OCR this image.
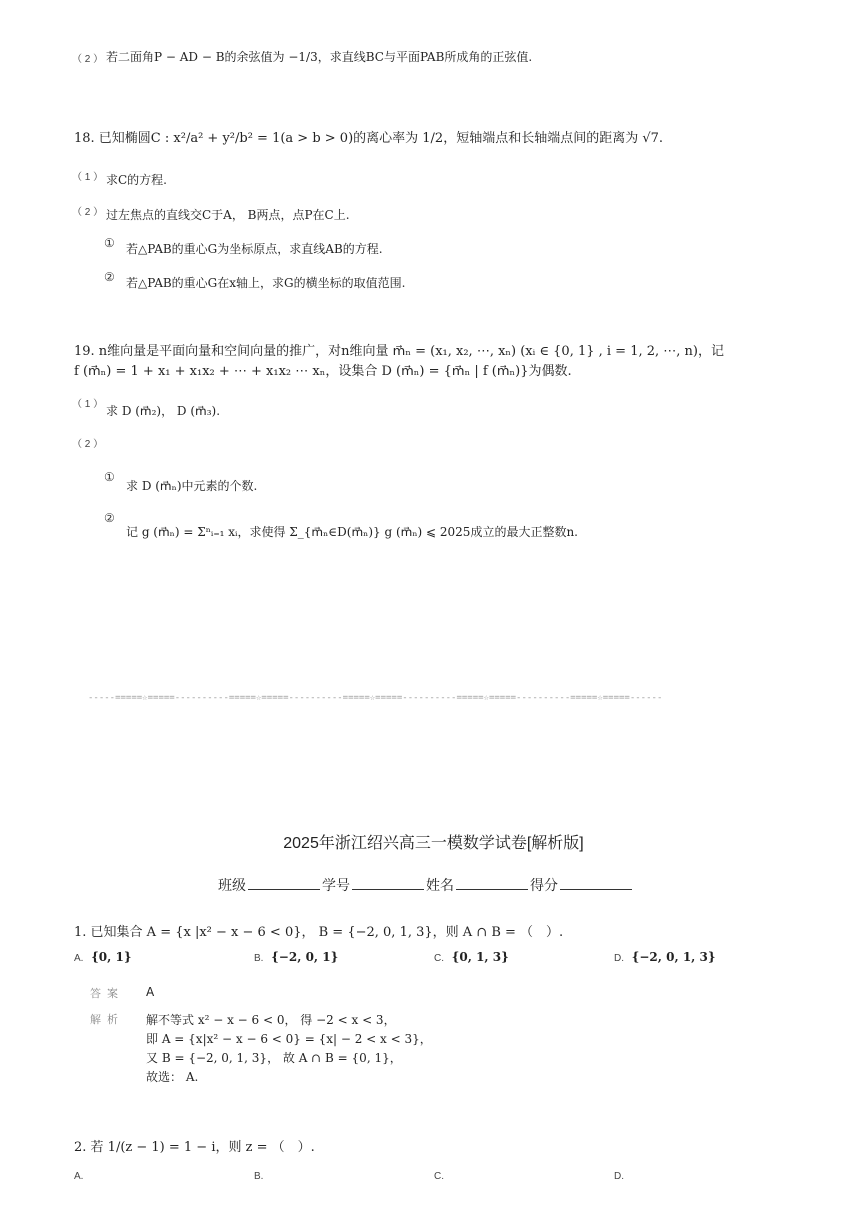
（ 2 ） 若二面角P − AD − B的余弦值为 −1/3，求直线BC与平面PAB所成角的正弦值.
18. 已知椭圆C : x²/a² + y²/b² = 1(a > b > 0)的离心率为 1/2，短轴端点和长轴端点间的距离为 √7.
（ 1 ） 求C的方程.
（ 2 ） 过左焦点的直线交C于A， B两点，点P在C上.
① 若△PAB的重心G为坐标原点，求直线AB的方程.
② 若△PAB的重心G在x轴上，求G的横坐标的取值范围.
19. n维向量是平面向量和空间向量的推广，对n维向量 m⃗ₙ = (x₁, x₂, ⋯, xₙ) (xᵢ ∈ {0, 1} , i = 1, 2, ⋯, n)，记
f (m⃗ₙ) = 1 + x₁ + x₁x₂ + ⋯ + x₁x₂ ⋯ xₙ，设集合 D (m⃗ₙ) = {m⃗ₙ | f (m⃗ₙ)}为偶数.
（ 1 ） 求 D (m⃗₂)， D (m⃗₃).
（ 2 ）
①
求 D (m⃗ₙ)中元素的个数.
②
记 g (m⃗ₙ) = Σⁿᵢ₌₁ xᵢ，求使得 Σ_{m⃗ₙ∈D(m⃗ₙ)} g (m⃗ₙ) ⩽ 2025成立的最大正整数n.
-----=====☆=====----------=====☆=====----------=====☆=====----------=====☆=====----------=====☆=====------
2025年浙江绍兴高三一模数学试卷[解析版]
班级	学号	姓名	得分
1. 已知集合 A = {x |x² − x − 6 < 0}， B = {−2, 0, 1, 3}，则 A ∩ B = （　）.
A. {0, 1}	B. {−2, 0, 1}	C. {0, 1, 3}	D. {−2, 0, 1, 3}
答案 A
解析 解不等式 x² − x − 6 < 0， 得 −2 < x < 3，
即 A = {x|x² − x − 6 < 0} = {x| − 2 < x < 3}，
又 B = {−2, 0, 1, 3}， 故 A ∩ B = {0, 1}，
故选： A.
2. 若 1/(z − 1) = 1 − i，则 z = （　）.
A.	B.	C.	D.
